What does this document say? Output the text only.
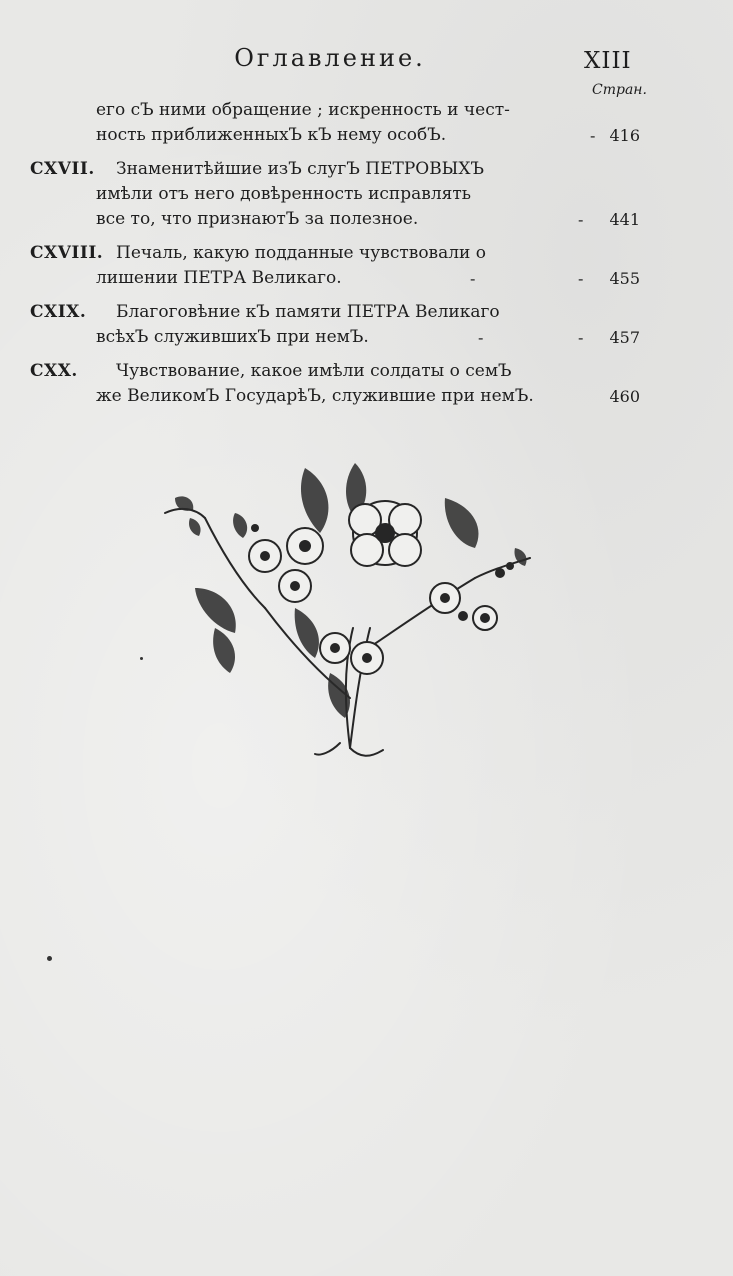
Оглавление.	XIII
Стран.
его сЪ ними обращение ; искренность и чест-
ность приближенныхЪ кЪ нему особЪ.	- 416
CXVII. Знаменитѣйшие изЪ слугЪ ПЕТРОВЫХЪ
имѣли отъ него довѣренность исправлять
все то, что признаютЪ за полезное.	- 441
CXVIII. Печаль, какую подданные чувствовали о
лишении ПЕТРА Великаго.	-	- 455
CXIX. Благоговѣние кЪ памяти ПЕТРА Великаго
всѣхЪ служившихЪ при немЪ.	-	- 457
CXX. Чувствование, какое имѣли солдаты о семЪ
же ВеликомЪ ГосударѣЪ, служившие при немЪ.	460
